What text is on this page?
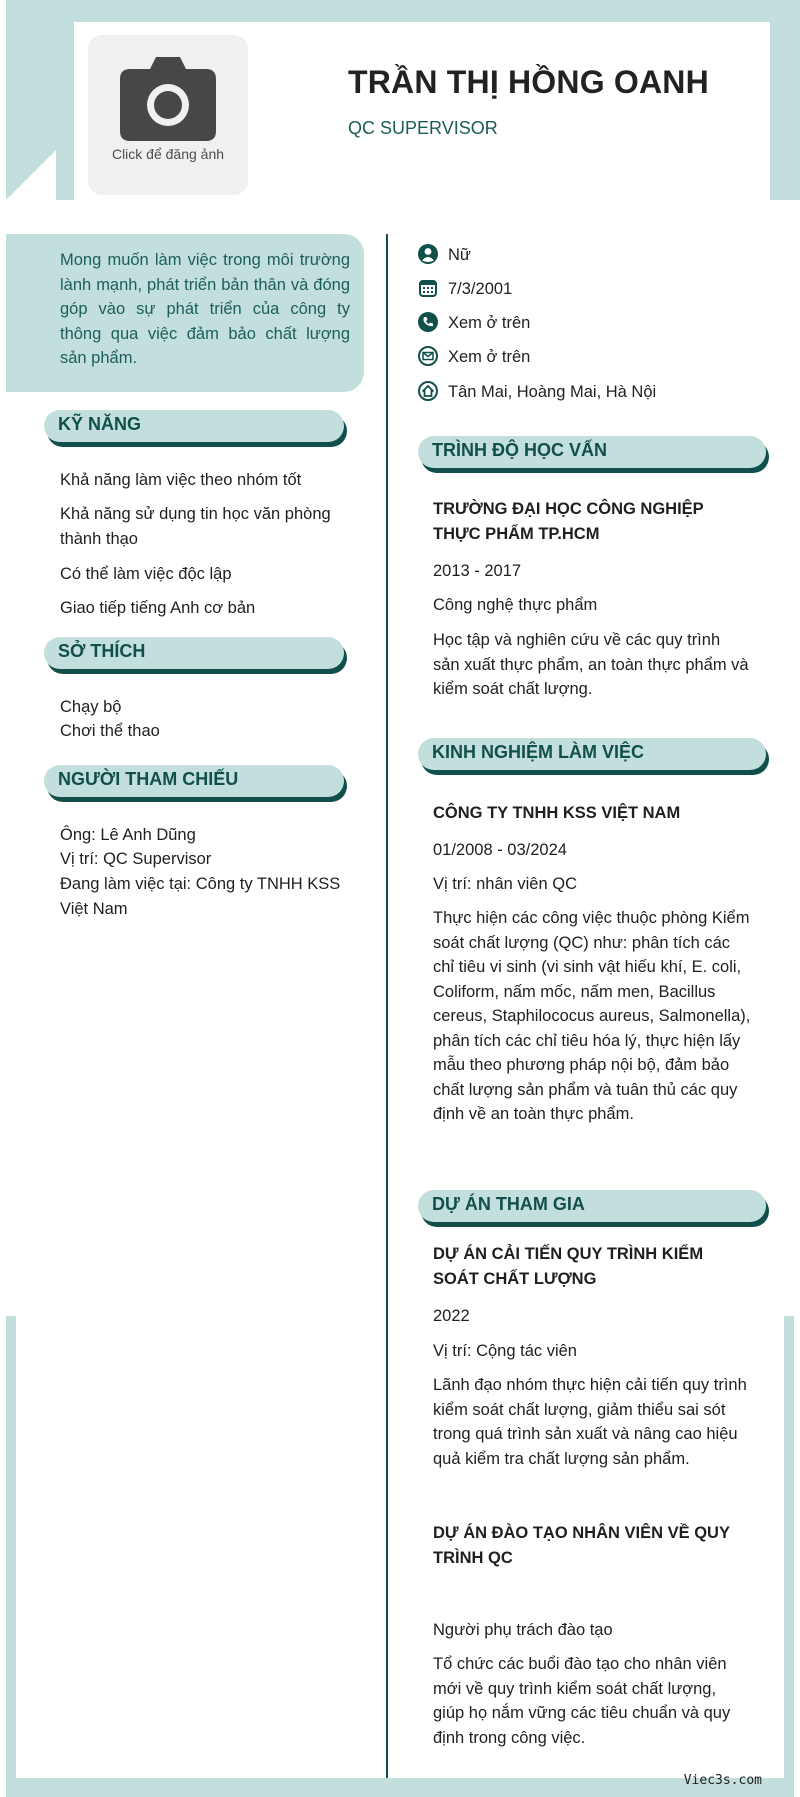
Click để đăng ảnh
TRẦN THỊ HỒNG OANH
QC SUPERVISOR

Mong muốn làm việc trong môi trường lành mạnh, phát triển bản thân và đóng góp vào sự phát triển của công ty thông qua việc đảm bảo chất lượng sản phẩm.

KỸ NĂNG
Khả năng làm việc theo nhóm tốt
Khả năng sử dụng tin học văn phòng thành thạo
Có thể làm việc độc lập
Giao tiếp tiếng Anh cơ bản
SỞ THÍCH
Chạy bộ
Chơi thể thao
NGƯỜI THAM CHIẾU
Ông: Lê Anh Dũng
Vị trí: QC Supervisor
Đang làm việc tại: Công ty TNHH KSS Việt Nam
Nữ
7/3/2001
Xem ở trên
Xem ở trên
Tân Mai, Hoàng Mai, Hà Nội
TRÌNH ĐỘ HỌC VẤN
TRƯỜNG ĐẠI HỌC CÔNG NGHIỆP THỰC PHẨM TP.HCM
2013 - 2017
Công nghệ thực phẩm
Học tập và nghiên cứu về các quy trình sản xuất thực phẩm, an toàn thực phẩm và kiểm soát chất lượng.
KINH NGHIỆM LÀM VIỆC
CÔNG TY TNHH KSS VIỆT NAM
01/2008 - 03/2024
Vị trí: nhân viên QC
Thực hiện các công việc thuộc phòng Kiểm soát chất lượng (QC) như: phân tích các chỉ tiêu vi sinh (vi sinh vật hiếu khí, E. coli, Coliform, nấm mốc, nấm men, Bacillus cereus, Staphilococus aureus, Salmonella), phân tích các chỉ tiêu hóa lý, thực hiện lấy mẫu theo phương pháp nội bộ, đảm bảo chất lượng sản phẩm và tuân thủ các quy định về an toàn thực phẩm.
DỰ ÁN THAM GIA
DỰ ÁN CẢI TIẾN QUY TRÌNH KIỂM SOÁT CHẤT LƯỢNG
2022
Vị trí: Cộng tác viên
Lãnh đạo nhóm thực hiện cải tiến quy trình kiểm soát chất lượng, giảm thiểu sai sót trong quá trình sản xuất và nâng cao hiệu quả kiểm tra chất lượng sản phẩm.
DỰ ÁN ĐÀO TẠO NHÂN VIÊN VỀ QUY TRÌNH QC
Người phụ trách đào tạo
Tổ chức các buổi đào tạo cho nhân viên mới về quy trình kiểm soát chất lượng, giúp họ nắm vững các tiêu chuẩn và quy định trong công việc.
Viec3s.com
